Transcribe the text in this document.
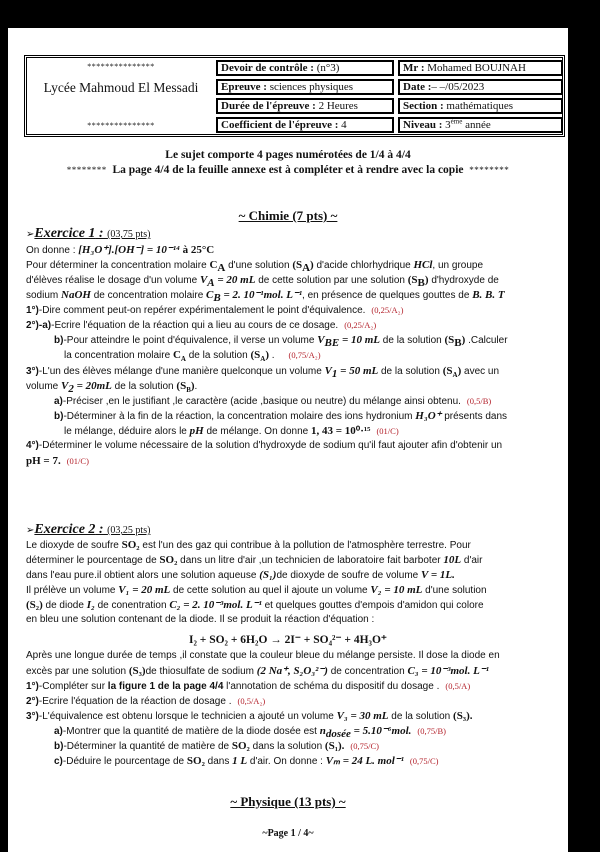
***************
Lycée Mahmoud El Messadi
***************
Devoir de contrôle : (n°3)
Epreuve : sciences physiques
Durée de l'épreuve : 2 Heures
Coefficient de l'épreuve : 4
Mr : Mohamed BOUJNAH
Date :– –/05/2023
Section : mathématiques
Niveau : 3ème année
Le sujet comporte 4 pages numérotées de 1/4 à 4/4
******** La page 4/4 de la feuille annexe est à compléter et à rendre avec la copie ********
~ Chimie (7 pts) ~
➢Exercice 1 : (03,75 pts)
On donne : [H₃O⁺].[OH⁻] = 10⁻¹⁴ à 25°C
Pour déterminer la concentration molaire $C_A$ d'une solution $(S_A)$ d'acide chlorhydrique HCl, un groupe
d'élèves réalise le dosage d'un volume $V_A = 20$ mL de cette solution par une solution $(S_B)$ d'hydroxyde de
sodium NaOH de concentration molaire $C_B = 2$. 10⁻¹mol. L⁻¹, en présence de quelques gouttes de B. B. T
1°)-Dire comment peut-on repérer expérimentalement le point d'équivalence. (0,25/A₂)
2°)-a)-Ecrire l'équation de la réaction qui a lieu au cours de ce dosage. (0,25/A₂)
b)-Pour atteindre le point d'équivalence, il verse un volume $V_{BE} = 10$ mL de la solution $(S_B)$ .Calculer
la concentration molaire $C_A$ de la solution $(S_A)$ . (0,75/A₂)
3°)-L'un des élèves mélange d'une manière quelconque un volume $V_1 = 50$ mL de la solution $(S_A)$ avec un
volume $V_2 = 20mL$ de la solution $(S_B)$.
a)-Préciser ,en le justifiant ,le caractère (acide ,basique ou neutre) du mélange ainsi obtenu. (0,5/B)
b)-Déterminer à la fin de la réaction, la concentration molaire des ions hydronium H₃O⁺ présents dans
le mélange, déduire alors le pH de mélange. On donne 1, 43 = 10⁰·¹⁵ (01/C)
4°)-Déterminer le volume nécessaire de la solution d'hydroxyde de sodium qu'il faut ajouter afin d'obtenir un
pH = 7. (01/C)
➢Exercice 2 : (03,25 pts)
Le dioxyde de soufre SO₂ est l'un des gaz qui contribue à la pollution de l'atmosphère terrestre. Pour
déterminer le pourcentage de SO₂ dans un litre d'air ,un technicien de laboratoire fait barboter 10L d'air
dans l'eau pure.il obtient alors une solution aqueuse (S₁)de dioxyde de soufre de volume V = 1L.
Il prélève un volume V₁ = 20 mL de cette solution au quel il ajoute un volume V₂ = 10 mL d'une solution
(S₂) de diode I₂ de conentration C₂ = 2. 10⁻³mol. L⁻¹ et quelques gouttes d'empois d'amidon qui colore
en bleu une solution contenant de la diode. Il se produit la réaction d'équation :
I₂ + SO₂ + 6H₂O → 2I⁻ + SO₄²⁻ + 4H₃O⁺
Après une longue durée de temps ,il constate que la couleur bleue du mélange persiste. Il dose la diode en
excès par une solution (S₃)de thiosulfate de sodium (2 Na⁺, S₂O₃²⁻) de concentration C₃ = 10⁻³mol. L⁻¹
1°)-Compléter sur la figure 1 de la page 4/4 l'annotation de schéma du dispositif du dosage . (0,5/A)
2°)-Ecrire l'équation de la réaction de dosage . (0,5/A₂)
3°)-L'équivalence est obtenu lorsque le technicien a ajouté un volume V₃ = 30 mL de la solution (S₃).
a)-Montrer que la quantité de matière de la diode dosée est $n_{dosée} = 5.10^{-6}mol$. (0,75/B)
b)-Déterminer la quantité de matière de SO₂ dans la solution (S₁). (0,75/C)
c)-Déduire le pourcentage de SO₂ dans 1 L d'air. On donne : Vₘ = 24 L. mol⁻¹ (0,75/C)
~ Physique (13 pts) ~
~Page 1 / 4~
